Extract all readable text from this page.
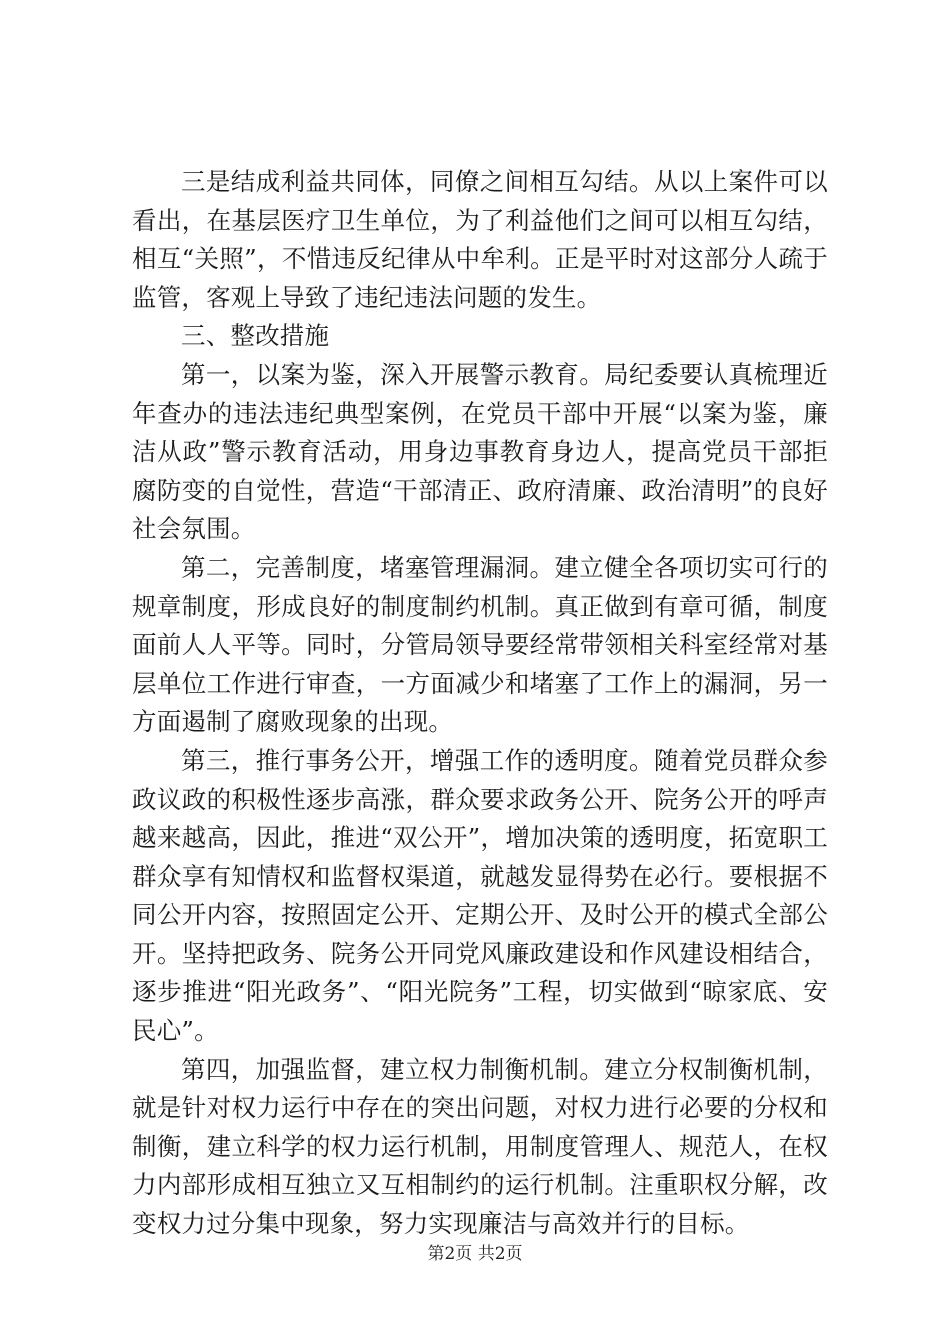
三是结成利益共同体，同僚之间相互勾结。从以上案件可以看出，在基层医疗卫生单位，为了利益他们之间可以相互勾结，相互“关照”，不惜违反纪律从中牟利。正是平时对这部分人疏于监管，客观上导致了违纪违法问题的发生。

三、整改措施

第一，以案为鉴，深入开展警示教育。局纪委要认真梳理近年查办的违法违纪典型案例，在党员干部中开展“以案为鉴，廉洁从政”警示教育活动，用身边事教育身边人，提高党员干部拒腐防变的自觉性，营造“干部清正、政府清廉、政治清明”的良好社会氛围。

第二，完善制度，堵塞管理漏洞。建立健全各项切实可行的规章制度，形成良好的制度制约机制。真正做到有章可循，制度面前人人平等。同时，分管局领导要经常带领相关科室经常对基层单位工作进行审查，一方面减少和堵塞了工作上的漏洞，另一方面遏制了腐败现象的出现。

第三，推行事务公开，增强工作的透明度。随着党员群众参政议政的积极性逐步高涨，群众要求政务公开、院务公开的呼声越来越高，因此，推进“双公开”，增加决策的透明度，拓宽职工群众享有知情权和监督权渠道，就越发显得势在必行。要根据不同公开内容，按照固定公开、定期公开、及时公开的模式全部公开。坚持把政务、院务公开同党风廉政建设和作风建设相结合，逐步推进“阳光政务”、“阳光院务”工程，切实做到“晾家底、安民心”。

第四，加强监督，建立权力制衡机制。建立分权制衡机制，就是针对权力运行中存在的突出问题，对权力进行必要的分权和制衡，建立科学的权力运行机制，用制度管理人、规范人，在权力内部形成相互独立又互相制约的运行机制。注重职权分解，改变权力过分集中现象，努力实现廉洁与高效并行的目标。

第2页 共2页
